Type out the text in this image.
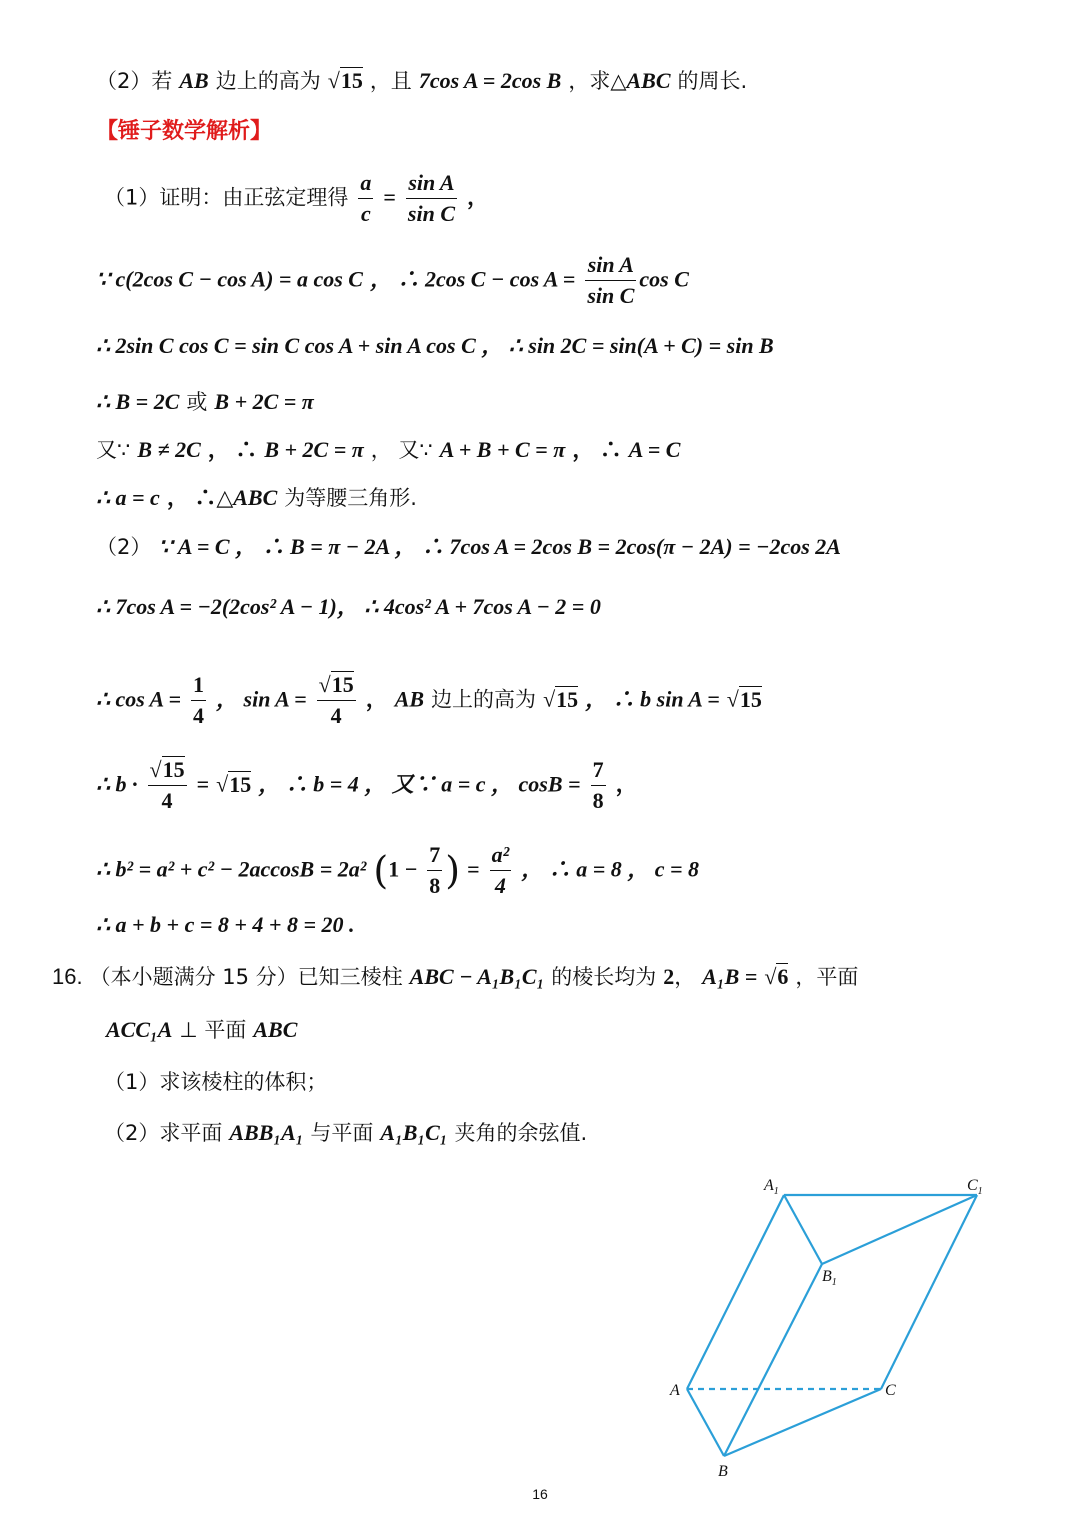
（2）若 AB 边上的高为 √15 ，且 7cos A = 2cos B ，求△ABC 的周长.
【锤子数学解析】
（1）证明：由正弦定理得 $\frac{a}{c} = \frac{\text{sin A}}{\text{sin C}}$ ，
∵ c(2cos C − cos A) = a cos C ， ∴ 2cos $C - \cos A = \frac{\text{sin A}}{\text{sin C}}$ cos C
∴ 2sin C cos C = sin C cos A + sin A cos C ， ∴ sin 2C = sin(A + C) = sin B
∴ B = 2C 或 B + 2C = π
又∵ B ≠ 2C ， ∴ B + 2C = π ， 又∵ A + B + C = π ， ∴ A = C
∴ a = c ， ∴△ABC 为等腰三角形.
（2） ∵ A = C ， ∴ B = π − 2A ， ∴ 7cos A = 2cos B = 2cos(π − 2A) = −2cos 2A
∴ 7cos A = −2(2cos² A − 1)， ∴ 4cos² A + 7cos A − 2 = 0
∴ $\cos A = \frac{1}{4}$ ， $\sin A = \frac{√15}{4}$ ， AB 边上的高为 √15 ， ∴ b sin A = √15
∴ $b \cdot \frac{√15}{4} = √15$ ， ∴ b = 4 ， 又∵ a = c ， $\cos B = \frac{7}{8}$ ，
∴ b² = a² + c² − 2accosB = 2a² ($1 - \frac{7}{8}$ ) = $\frac{\text{a²}}{4}$ ， ∴ a = 8 ， c = 8
∴ a + b + c = 8 + 4 + 8 = 20 .
16. （本小题满分 15 分）已知三棱柱 ABC − A₁B₁C₁ 的棱长均为 2， A₁B = √6 ，平面
ACC₁A ⊥ 平面 ABC
（1）求该棱柱的体积；
（2）求平面 ABB₁A₁ 与平面 A₁B₁C₁ 夹角的余弦值.
$A_1$	$C_1$
$B_1$
A	C
B
16
